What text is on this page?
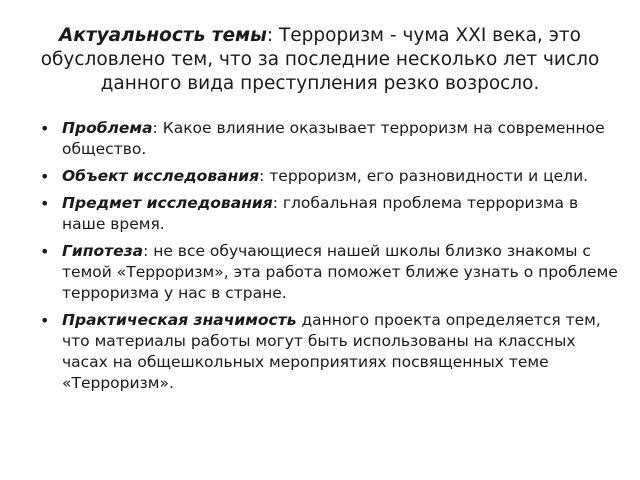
Актуальность темы: Терроризм - чума XXI века, это обусловлено тем, что за последние несколько лет число данного вида преступления резко возросло.
• Проблема: Какое влияние оказывает терроризм на современное общество.
• Объект исследования: терроризм, его разновидности и цели.
• Предмет исследования: глобальная проблема терроризма в наше время.
• Гипотеза: не все обучающиеся нашей школы близко знакомы с темой «Терроризм», эта работа поможет ближе узнать о проблеме терроризма у нас в стране.
• Практическая значимость данного проекта определяется тем, что материалы работы могут быть использованы на классных часах на общешкольных мероприятиях посвященных теме «Терроризм».
